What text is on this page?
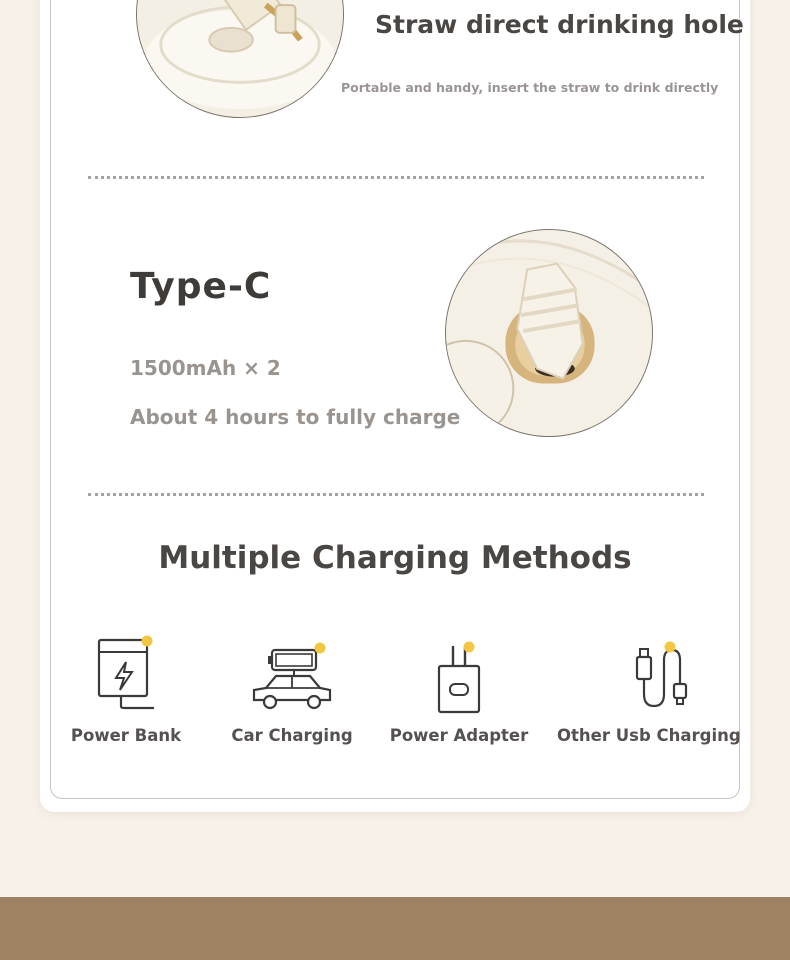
Straw direct drinking hole
Portable and handy, insert the straw to drink directly
Type-C
1500mAh × 2
About 4 hours to fully charge
Multiple Charging Methods
Power Bank	Car Charging	Power Adapter	Other Usb Charging
